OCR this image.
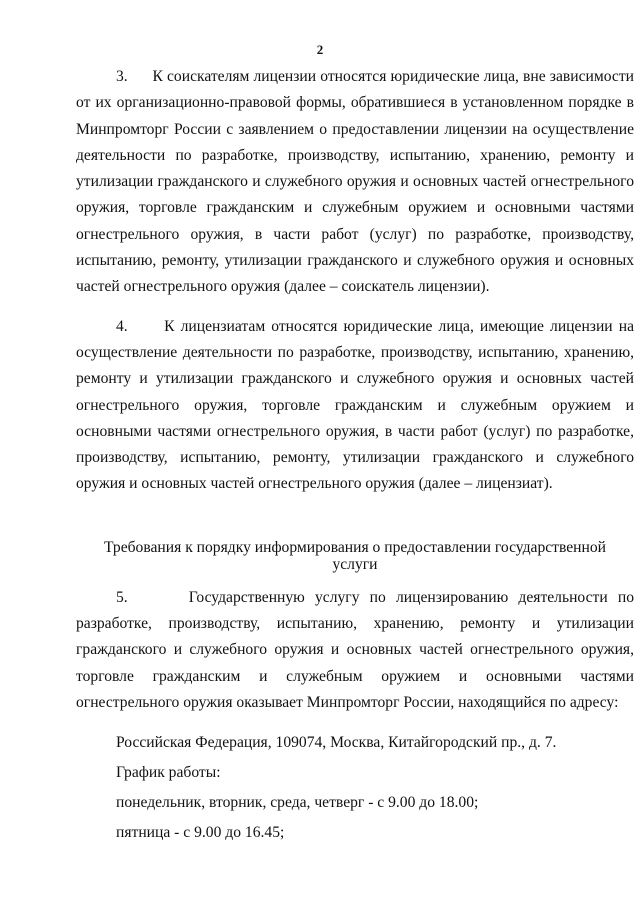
2

3.      К соискателям лицензии относятся юридические лица, вне зависимости от их организационно-правовой формы, обратившиеся в установленном порядке в Минпромторг России с заявлением о предоставлении лицензии на осуществление деятельности по разработке, производству, испытанию, хранению, ремонту и утилизации гражданского и служебного оружия и основных частей огнестрельного оружия, торговле гражданским и служебным оружием и основными частями огнестрельного оружия, в части работ (услуг) по разработке, производству, испытанию, ремонту, утилизации гражданского и служебного оружия и основных частей огнестрельного оружия (далее – соискатель лицензии).

4.      К лицензиатам относятся юридические лица, имеющие лицензии на осуществление деятельности по разработке, производству, испытанию, хранению, ремонту и утилизации гражданского и служебного оружия и основных частей огнестрельного оружия, торговле гражданским и служебным оружием и основными частями огнестрельного оружия, в части работ (услуг) по разработке, производству, испытанию, ремонту, утилизации гражданского и служебного оружия и основных частей огнестрельного оружия (далее – лицензиат).

Требования к порядку информирования о предоставлении государственной услуги

5.      Государственную услугу по лицензированию деятельности по разработке, производству, испытанию, хранению, ремонту и утилизации гражданского и служебного оружия и основных частей огнестрельного оружия, торговле гражданским и служебным оружием и основными частями огнестрельного оружия оказывает Минпромторг России, находящийся по адресу:

Российская Федерация, 109074, Москва, Китайгородский пр., д. 7.

График работы:

понедельник, вторник, среда, четверг - с 9.00 до 18.00;

пятница - с 9.00 до 16.45;
